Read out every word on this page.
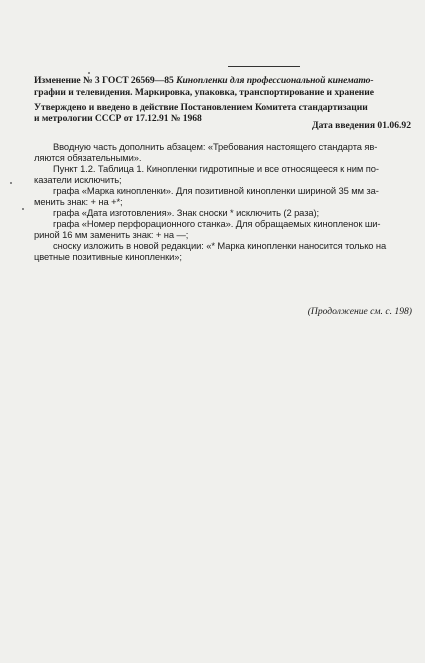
Изменение № 3 ГОСТ 26569—85 Кинопленки для профессиональной кинемато-
графии и телевидения. Маркировка, упаковка, транспортирование и хранение
Утверждено и введено в действие Постановлением Комитета стандартизации
и метрологии СССР от 17.12.91 № 1968
Дата введения 01.06.92
Вводную часть дополнить абзацем: «Требования настоящего стандарта яв-
ляются обязательными».
Пункт 1.2. Таблица 1. Кинопленки гидротипные и все относящееся к ним по-
казатели исключить;
графа «Марка кинопленки». Для позитивной кинопленки шириной 35 мм за-
менить знак: + на +*;
графа «Дата изготовления». Знак сноски * исключить (2 раза);
графа «Номер перфорационного станка». Для обращаемых кинопленок ши-
риной 16 мм заменить знак: + на —;
сноску изложить в новой редакции: «* Марка кинопленки наносится только на
цветные позитивные кинопленки»;
(Продолжение см. с. 198)
